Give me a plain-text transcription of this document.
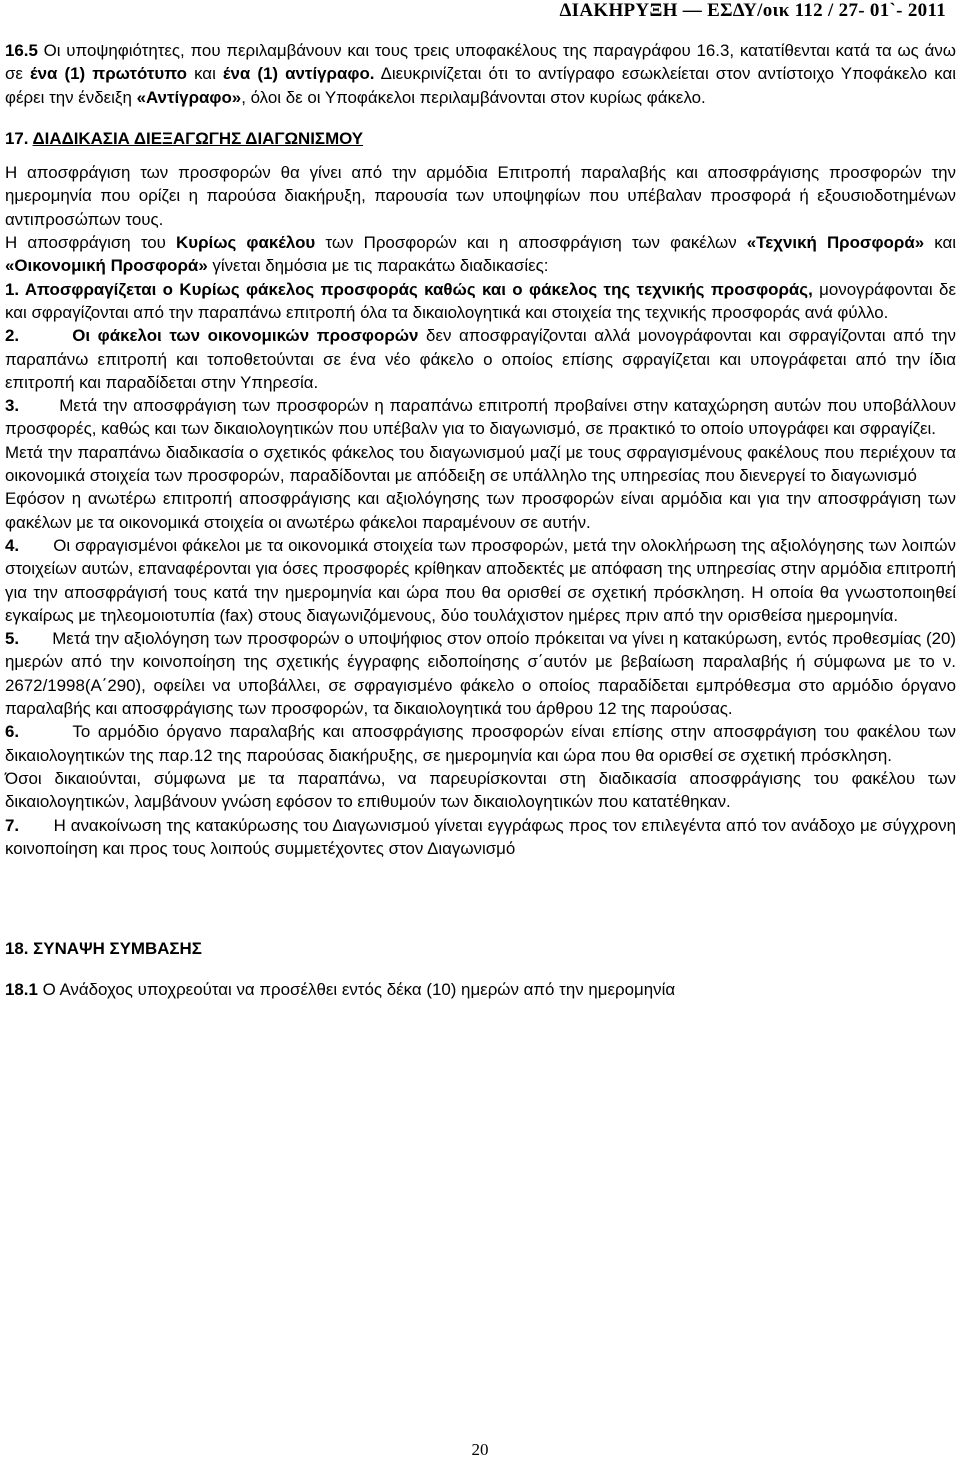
ΔΙΑΚΗΡΥΞΗ — ΕΣΔΥ/οικ 112 / 27- 01`- 2011

16.5 Οι υποψηφιότητες, που περιλαμβάνουν και τους τρεις υποφακέλους της παραγράφου 16.3, κατατίθενται κατά τα ως άνω σε ένα (1) πρωτότυπο και ένα (1) αντίγραφο. Διευκρινίζεται ότι το αντίγραφο εσωκλείεται στον αντίστοιχο Υποφάκελο και φέρει την ένδειξη «Αντίγραφο», όλοι δε οι Υποφάκελοι περιλαμβάνονται στον κυρίως φάκελο.

17. ΔΙΑΔΙΚΑΣΙΑ ΔΙΕΞΑΓΩΓΗΣ ΔΙΑΓΩΝΙΣΜΟΥ

Η αποσφράγιση των προσφορών θα γίνει από την αρμόδια Επιτροπή παραλαβής και αποσφράγισης προσφορών την ημερομηνία που ορίζει η παρούσα διακήρυξη, παρουσία των υποψηφίων που υπέβαλαν προσφορά ή εξουσιοδοτημένων αντιπροσώπων τους.

Η αποσφράγιση του Κυρίως φακέλου των Προσφορών και η αποσφράγιση των φακέλων «Τεχνική Προσφορά» και «Οικονομική Προσφορά» γίνεται δημόσια με τις παρακάτω διαδικασίες:

1. Αποσφραγίζεται ο Κυρίως φάκελος προσφοράς καθώς και ο φάκελος της τεχνικής προσφοράς, μονογράφονται δε και σφραγίζονται από την παραπάνω επιτροπή όλα τα δικαιολογητικά και στοιχεία της τεχνικής προσφοράς ανά φύλλο.

2.	Οι φάκελοι των οικονομικών προσφορών δεν αποσφραγίζονται αλλά μονογράφονται και σφραγίζονται από την παραπάνω επιτροπή και τοποθετούνται σε ένα νέο φάκελο ο οποίος επίσης σφραγίζεται και υπογράφεται από την ίδια επιτροπή και παραδίδεται στην Υπηρεσία.

3. Μετά την αποσφράγιση των προσφορών η παραπάνω επιτροπή προβαίνει στην καταχώρηση αυτών που υποβάλλουν προσφορές, καθώς και των δικαιολογητικών που υπέβαλν για το διαγωνισμό, σε πρακτικό το οποίο υπογράφει και σφραγίζει.

Μετά την παραπάνω διαδικασία ο σχετικός φάκελος του διαγωνισμού μαζί με τους σφραγισμένους φακέλους που περιέχουν τα οικονομικά στοιχεία των προσφορών, παραδίδονται με απόδειξη σε υπάλληλο της υπηρεσίας που διενεργεί το διαγωνισμό

Εφόσον η ανωτέρω επιτροπή αποσφράγισης και αξιολόγησης των προσφορών είναι αρμόδια και για την αποσφράγιση των φακέλων με τα οικονομικά στοιχεία οι ανωτέρω φάκελοι παραμένουν σε αυτήν.

4. Οι σφραγισμένοι φάκελοι με τα οικονομικά στοιχεία των προσφορών, μετά την ολοκλήρωση της αξιολόγησης των λοιπών στοιχείων αυτών, επαναφέρονται για όσες προσφορές κρίθηκαν αποδεκτές με απόφαση της υπηρεσίας στην αρμόδια επιτροπή για την αποσφράγισή τους κατά την ημερομηνία και ώρα που θα ορισθεί σε σχετική πρόσκληση. Η οποία θα γνωστοποιηθεί εγκαίρως με τηλεομοιοτυπία (fax) στους διαγωνιζόμενους, δύο τουλάχιστον ημέρες πριν από την ορισθείσα ημερομηνία.

5. Μετά την αξιολόγηση των προσφορών ο υποψήφιος στον οποίο πρόκειται να γίνει η κατακύρωση, εντός προθεσμίας (20) ημερών από την κοινοποίηση της σχετικής έγγραφης ειδοποίησης σ΄αυτόν με βεβαίωση παραλαβής ή σύμφωνα με το ν. 2672/1998(Α΄290), οφείλει να υποβάλλει, σε σφραγισμένο φάκελο ο οποίος παραδίδεται εμπρόθεσμα στο αρμόδιο όργανο παραλαβής και αποσφράγισης των προσφορών, τα δικαιολογητικά του άρθρου 12 της παρούσας.

6.	Το αρμόδιο όργανο παραλαβής και αποσφράγισης προσφορών είναι επίσης στην αποσφράγιση του φακέλου των δικαιολογητικών της παρ.12 της παρούσας διακήρυξης, σε ημερομηνία και ώρα που θα ορισθεί σε σχετική πρόσκληση.

Όσοι δικαιούνται, σύμφωνα με τα παραπάνω, να παρευρίσκονται στη διαδικασία αποσφράγισης του φακέλου των δικαιολογητικών, λαμβάνουν γνώση εφόσον το επιθυμούν των δικαιολογητικών που κατατέθηκαν.

7. Η ανακοίνωση της κατακύρωσης του Διαγωνισμού γίνεται εγγράφως προς τον επιλεγέντα από τον ανάδοχο με σύγχρονη κοινοποίηση και προς τους λοιπούς συμμετέχοντες στον Διαγωνισμό

18. ΣΥΝΑΨΗ ΣΥΜΒΑΣΗΣ

18.1 Ο Ανάδοχος υποχρεούται να προσέλθει εντός δέκα (10) ημερών από την ημερομηνία

20
